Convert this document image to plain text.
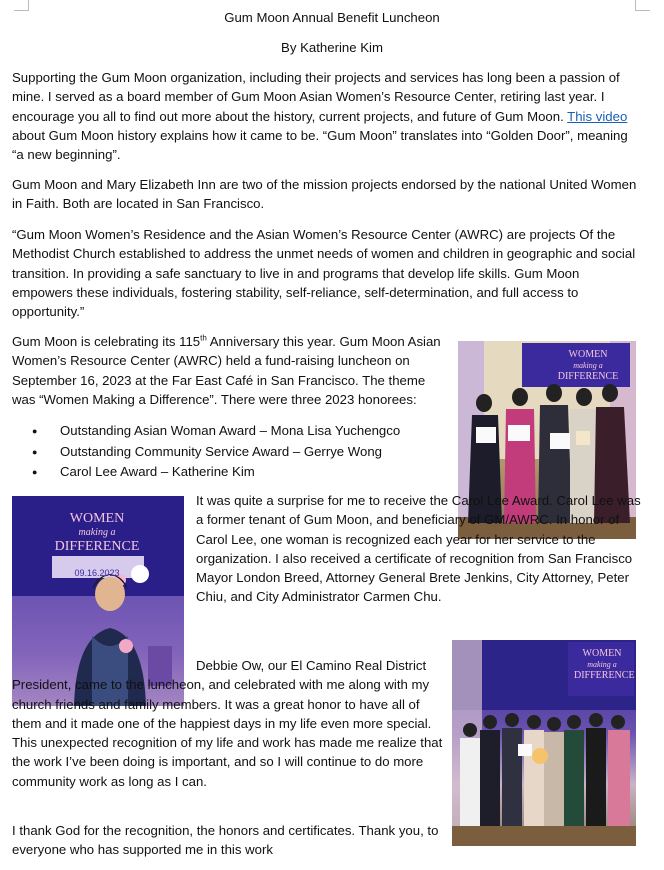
Gum Moon Annual Benefit Luncheon
By Katherine Kim

Supporting the Gum Moon organization, including their projects and services has long been a passion of mine. I served as a board member of Gum Moon Asian Women’s Resource Center, retiring last year. I encourage you all to find out more about the history, current projects, and future of Gum Moon. This video about Gum Moon history explains how it came to be. “Gum Moon” translates into “Golden Door”, meaning “a new beginning”.

Gum Moon and Mary Elizabeth Inn are two of the mission projects endorsed by the national United Women in Faith. Both are located in San Francisco.

“Gum Moon Women’s Residence and the Asian Women’s Resource Center (AWRC) are projects Of the Methodist Church established to address the unmet needs of women and children in geographic and social transition. In providing a safe sanctuary to live in and programs that develop life skills. Gum Moon empowers these individuals, fostering stability, self-reliance, self-determination, and full access to opportunity.”

Gum Moon is celebrating its 115th Anniversary this year. Gum Moon Asian Women’s Resource Center (AWRC) held a fund-raising luncheon on September 16, 2023 at the Far East Café in San Francisco. The theme was “Women Making a Difference”. There were three 2023 honorees:

● Outstanding Asian Woman Award – Mona Lisa Yuchengco
● Outstanding Community Service Award – Gerrye Wong
● Carol Lee Award – Katherine Kim
WOMEN
making a
DIFFERENCE
WOMEN
making a
DIFFERENCE
09.16.2023

It was quite a surprise for me to receive the Carol Lee Award. Carol Lee was a former tenant of Gum Moon, and beneficiary of GM/AWRC. In honor of Carol Lee, one woman is recognized each year for her service to the organization. I also received a certificate of recognition from San Francisco Mayor London Breed, Attorney General Brete Jenkins, City Attorney, Peter Chiu, and City Administrator Carmen Chu.

WOMEN
making a
DIFFERENCE

Debbie Ow, our El Camino Real District President, came to the luncheon, and celebrated with me along with my church friends and family members. It was a great honor to have all of them and it made one of the happiest days in my life even more special. This unexpected recognition of my life and work has made me realize that the work I’ve been doing is important, and so I will continue to do more community work as long as I can.

I thank God for the recognition, the honors and certificates. Thank you, to everyone who has supported me in this work
